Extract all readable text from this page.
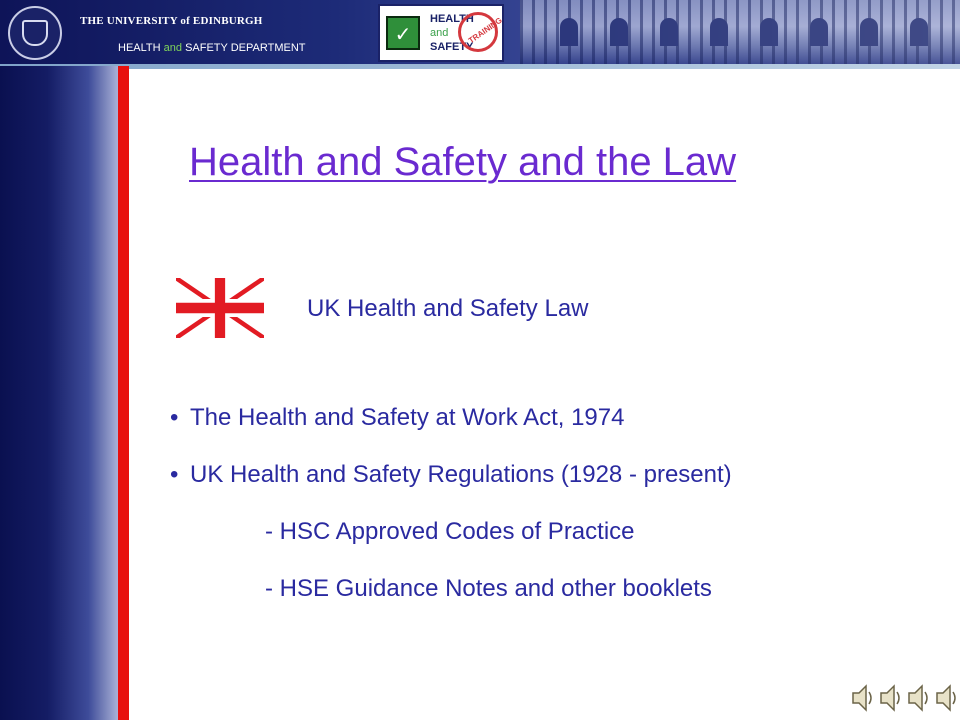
THE UNIVERSITY of EDINBURGH
HEALTH and SAFETY DEPARTMENT
✓
HEALTH
and
SAFETY
TRAINING
Health and Safety and the Law
UK Health and Safety Law
• The Health and Safety at Work Act, 1974
• UK Health and Safety Regulations (1928 - present)
- HSC Approved Codes of Practice
- HSE Guidance Notes and other booklets
